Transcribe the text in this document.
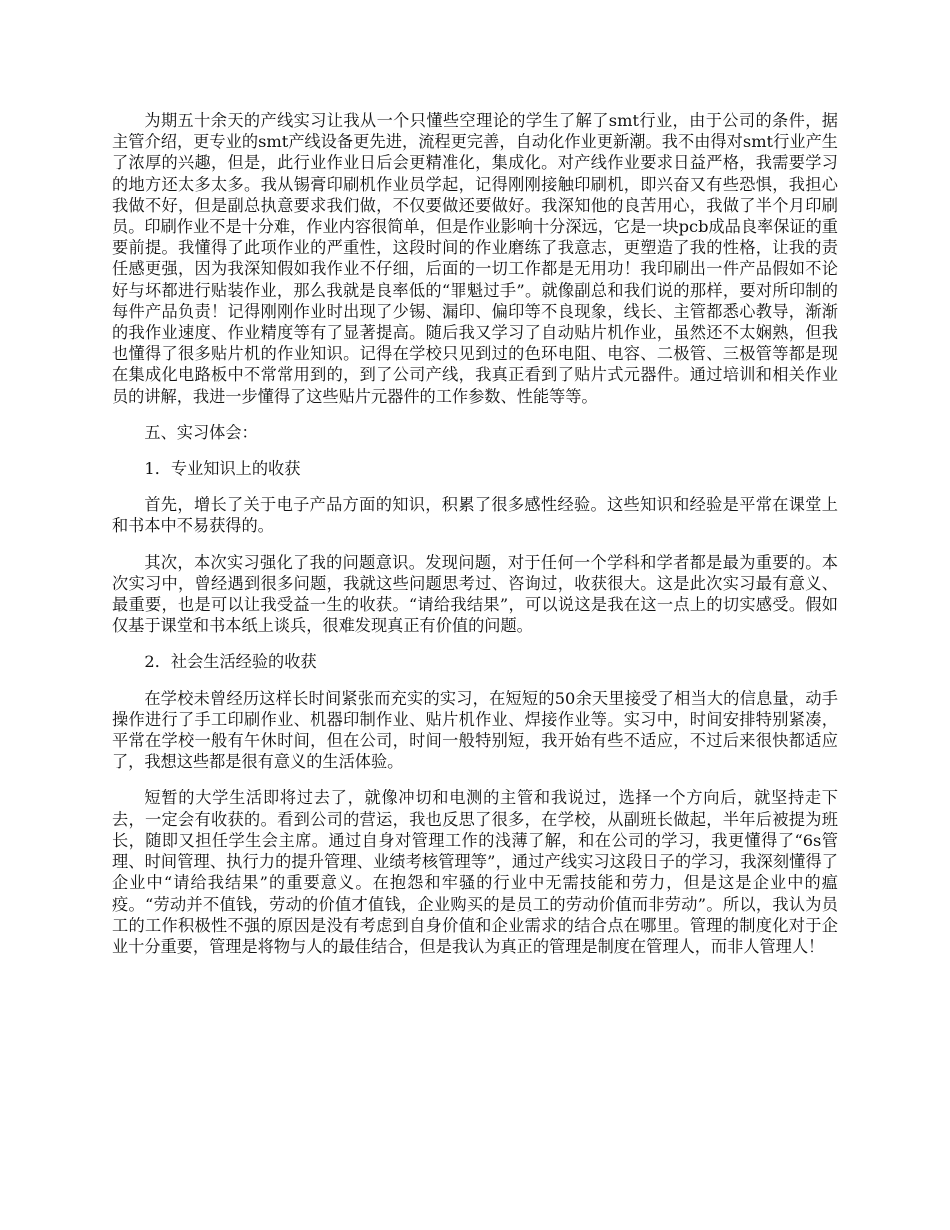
为期五十余天的产线实习让我从一个只懂些空理论的学生了解了smt行业，由于公司的条件，据主管介绍，更专业的smt产线设备更先进，流程更完善，自动化作业更新潮。我不由得对smt行业产生了浓厚的兴趣，但是，此行业作业日后会更精准化，集成化。对产线作业要求日益严格，我需要学习的地方还太多太多。我从锡膏印刷机作业员学起，记得刚刚接触印刷机，即兴奋又有些恐惧，我担心我做不好，但是副总执意要求我们做，不仅要做还要做好。我深知他的良苦用心，我做了半个月印刷员。印刷作业不是十分难，作业内容很简单，但是作业影响十分深远，它是一块pcb成品良率保证的重要前提。我懂得了此项作业的严重性，这段时间的作业磨练了我意志，更塑造了我的性格，让我的责任感更强，因为我深知假如我作业不仔细，后面的一切工作都是无用功！我印刷出一件产品假如不论好与坏都进行贴装作业，那么我就是良率低的“罪魁过手”。就像副总和我们说的那样，要对所印制的每件产品负责！记得刚刚作业时出现了少锡、漏印、偏印等不良现象，线长、主管都悉心教导，渐渐的我作业速度、作业精度等有了显著提高。随后我又学习了自动贴片机作业，虽然还不太娴熟，但我也懂得了很多贴片机的作业知识。记得在学校只见到过的色环电阻、电容、二极管、三极管等都是现在集成化电路板中不常常用到的，到了公司产线，我真正看到了贴片式元器件。通过培训和相关作业员的讲解，我进一步懂得了这些贴片元器件的工作参数、性能等等。

五、实习体会：

1．专业知识上的收获

首先，增长了关于电子产品方面的知识，积累了很多感性经验。这些知识和经验是平常在课堂上和书本中不易获得的。

其次，本次实习强化了我的问题意识。发现问题，对于任何一个学科和学者都是最为重要的。本次实习中，曾经遇到很多问题，我就这些问题思考过、咨询过，收获很大。这是此次实习最有意义、最重要，也是可以让我受益一生的收获。“请给我结果”，可以说这是我在这一点上的切实感受。假如仅基于课堂和书本纸上谈兵，很难发现真正有价值的问题。

2．社会生活经验的收获

在学校未曾经历这样长时间紧张而充实的实习，在短短的50余天里接受了相当大的信息量，动手操作进行了手工印刷作业、机器印制作业、贴片机作业、焊接作业等。实习中，时间安排特别紧凑，平常在学校一般有午休时间，但在公司，时间一般特别短，我开始有些不适应，不过后来很快都适应了，我想这些都是很有意义的生活体验。

短暂的大学生活即将过去了，就像冲切和电测的主管和我说过，选择一个方向后，就坚持走下去，一定会有收获的。看到公司的营运，我也反思了很多，在学校，从副班长做起，半年后被提为班长，随即又担任学生会主席。通过自身对管理工作的浅薄了解，和在公司的学习，我更懂得了“6s管理、时间管理、执行力的提升管理、业绩考核管理等”，通过产线实习这段日子的学习，我深刻懂得了企业中“请给我结果”的重要意义。在抱怨和牢骚的行业中无需技能和劳力，但是这是企业中的瘟疫。“劳动并不值钱，劳动的价值才值钱，企业购买的是员工的劳动价值而非劳动”。所以，我认为员工的工作积极性不强的原因是没有考虑到自身价值和企业需求的结合点在哪里。管理的制度化对于企业十分重要，管理是将物与人的最佳结合，但是我认为真正的管理是制度在管理人，而非人管理人！
